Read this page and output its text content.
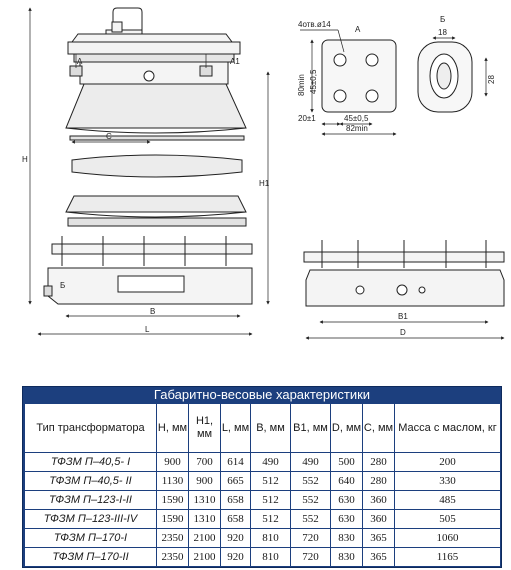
A	A1
C
H
H1
Б
B
L
A
4отв.ø14
80min 45±0,5
20±1	45±0,5
82min
Б
18
28
B1
D
Габаритно-весовые характеристики
Тип трансформатора	H, мм	H1, мм	L, мм	B, мм	B1, мм	D, мм	C, мм	Масса с маслом, кг
ТФЗМ П–40,5- I	900	700	614	490	490	500	280	200
ТФЗМ П–40,5- II	1130	900	665	512	552	640	280	330
ТФЗМ П–123-I-II	1590	1310	658	512	552	630	360	485
ТФЗМ П–123-III-IV	1590	1310	658	512	552	630	360	505
ТФЗМ П–170-I	2350	2100	920	810	720	830	365	1060
ТФЗМ П–170-II	2350	2100	920	810	720	830	365	1165
